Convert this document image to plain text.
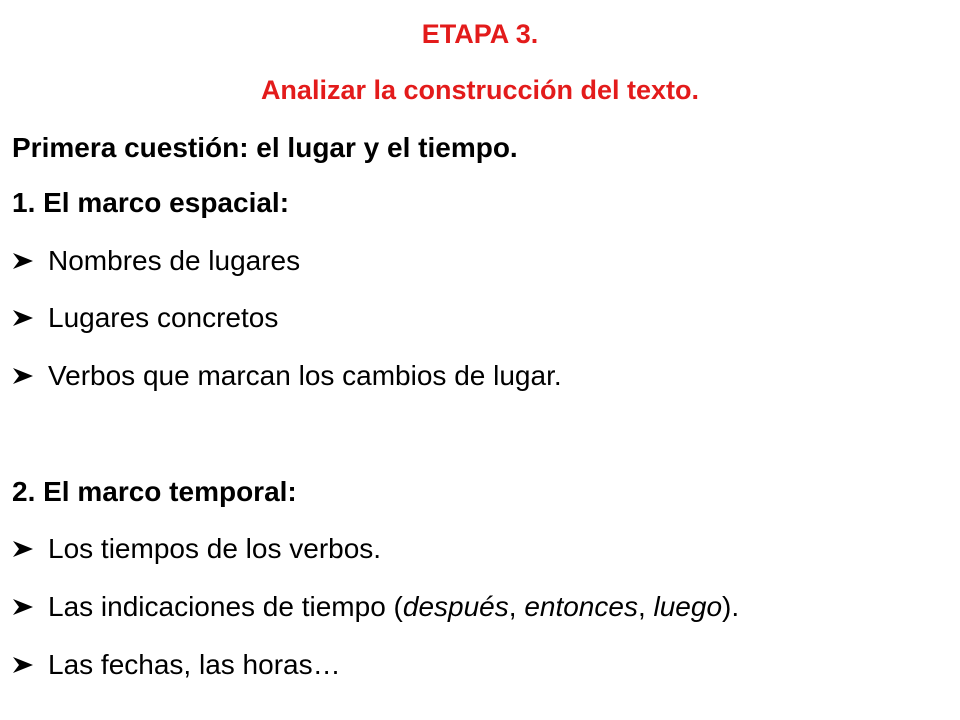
ETAPA 3.
Analizar la construcción del texto.
Primera cuestión: el lugar y el tiempo.
1. El marco espacial:
Nombres de lugares
Lugares concretos
Verbos que marcan los cambios de lugar.
2. El marco temporal:
Los tiempos de los verbos.
Las indicaciones de tiempo (después, entonces, luego).
Las fechas, las horas…
